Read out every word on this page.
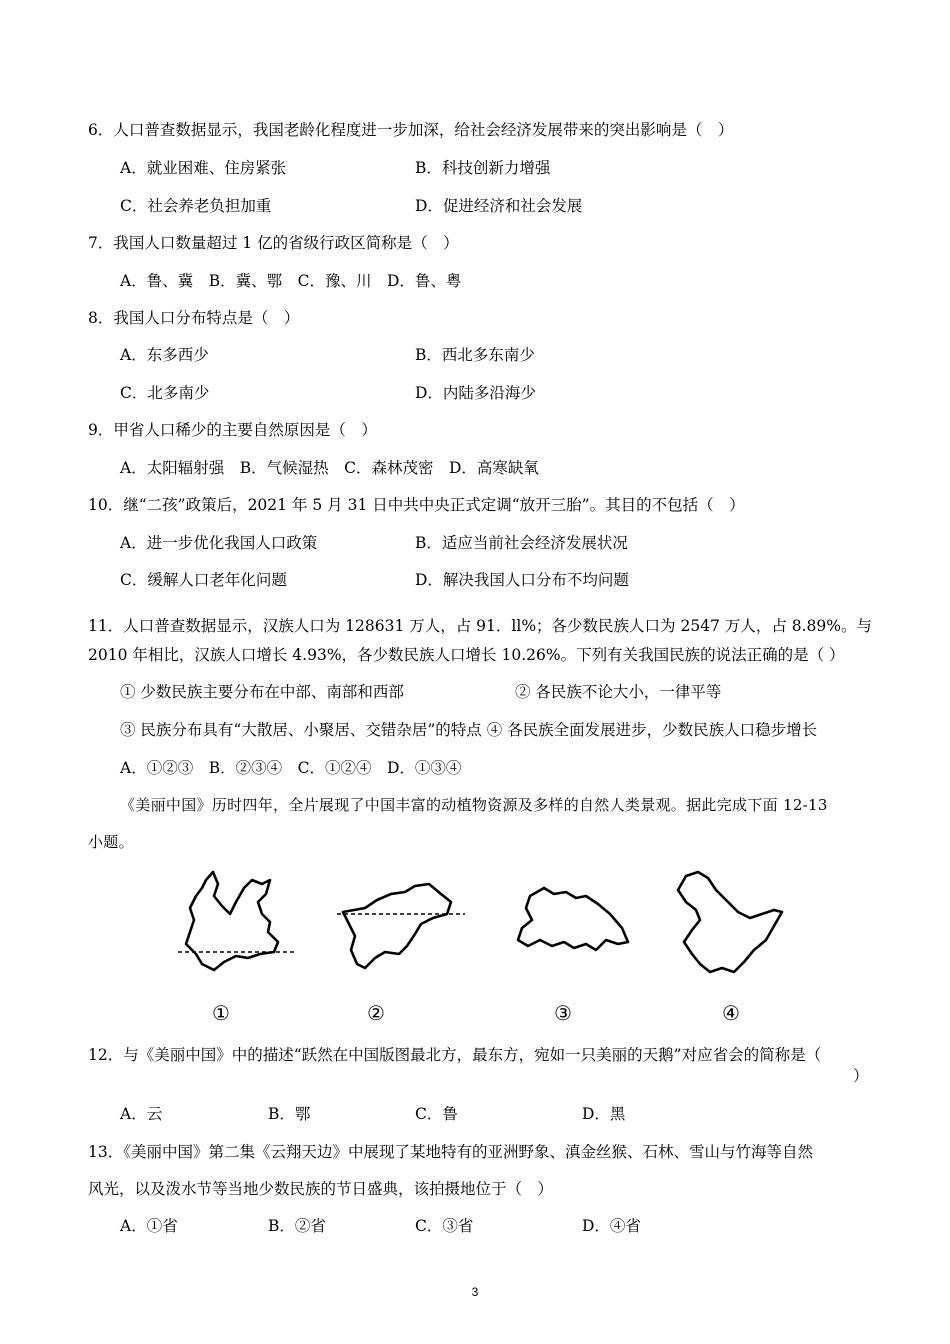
6．人口普查数据显示，我国老龄化程度进一步加深，给社会经济发展带来的突出影响是（　）
A．就业困难、住房紧张	B．科技创新力增强
C．社会养老负担加重	D．促进经济和社会发展
7．我国人口数量超过 1 亿的省级行政区简称是（　）
A．鲁、冀　B．冀、鄂　C．豫、川　D．鲁、粤
8．我国人口分布特点是（　）
A．东多西少	B．西北多东南少
C．北多南少	D．内陆多沿海少
9．甲省人口稀少的主要自然原因是（　）
A．太阳辐射强　B．气候湿热　C．森林茂密　D．高寒缺氧
10．继“二孩”政策后，2021 年 5 月 31 日中共中央正式定调“放开三胎”。其目的不包括（　）
A．进一步优化我国人口政策	B．适应当前社会经济发展状况
C．缓解人口老年化问题	D．解决我国人口分布不均问题
11．人口普查数据显示，汉族人口为 128631 万人，占 91．ll%；各少数民族人口为 2547 万人，占 8.89%。与
2010 年相比，汉族人口增长 4.93%，各少数民族人口增长 10.26%。下列有关我国民族的说法正确的是（ ）
① 少数民族主要分布在中部、南部和西部	② 各民族不论大小，一律平等
③ 民族分布具有“大散居、小聚居、交错杂居”的特点 ④ 各民族全面发展进步，少数民族人口稳步增长
A．①②③　B．②③④　C．①②④　D．①③④
《美丽中国》历时四年，全片展现了中国丰富的动植物资源及多样的自然人类景观。据此完成下面 12-13
小题。
①	②	③	④
12．与《美丽中国》中的描述“跃然在中国版图最北方，最东方，宛如一只美丽的天鹅”对应省会的简称是（
）
A．云	B．鄂	C．鲁	D．黑
13．《美丽中国》第二集《云翔天边》中展现了某地特有的亚洲野象、滇金丝猴、石林、雪山与竹海等自然
风光，以及泼水节等当地少数民族的节日盛典，该拍摄地位于（　）
A．①省	B．②省	C．③省	D．④省
3
